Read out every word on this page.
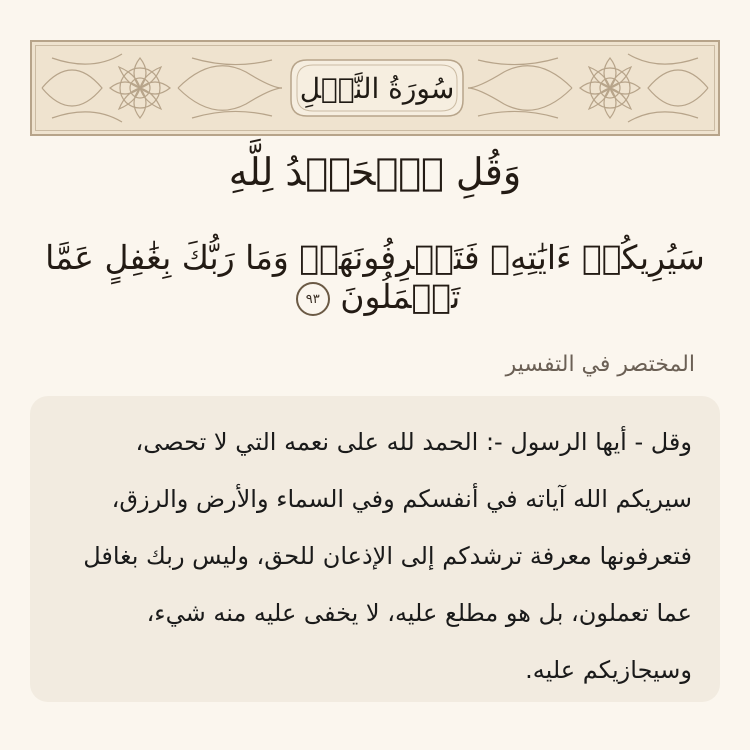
سُورَةُ النَّمۡلِ
وَقُلِ ٱلۡحَمۡدُ لِلَّهِ
سَيُرِيكُمۡ ءَايَٰتِهِۦ فَتَعۡرِفُونَهَاۚ وَمَا رَبُّكَ بِغَٰفِلٍ عَمَّا تَعۡمَلُونَ ٩٣
المختصر في التفسير
وقل - أيها الرسول -: الحمد لله على نعمه التي لا تحصى، سيريكم الله آياته في أنفسكم وفي السماء والأرض والرزق، فتعرفونها معرفة ترشدكم إلى الإذعان للحق، وليس ربك بغافل عما تعملون، بل هو مطلع عليه، لا يخفى عليه منه شيء، وسيجازيكم عليه.
